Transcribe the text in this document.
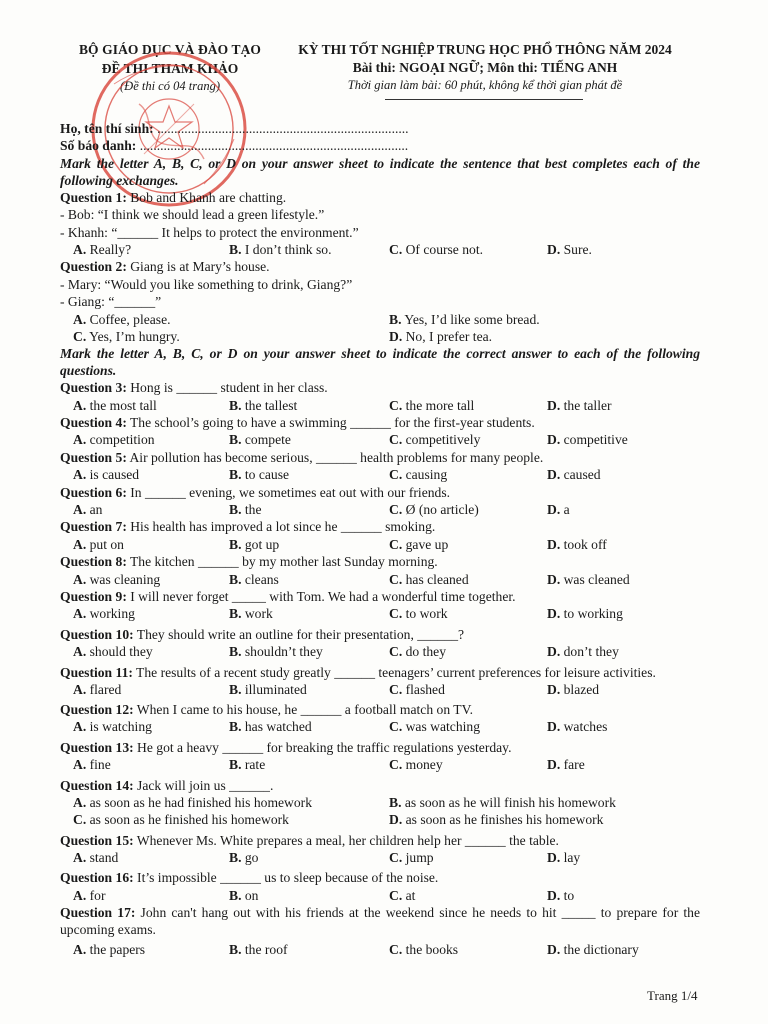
BỘ GIÁO DỤC VÀ ĐÀO TẠO
ĐỀ THI THAM KHẢO
(Đề thi có 04 trang)
KỲ THI TỐT NGHIỆP TRUNG HỌC PHỔ THÔNG NĂM 2024
Bài thi: NGOẠI NGỮ; Môn thi: TIẾNG ANH
Thời gian làm bài: 60 phút, không kể thời gian phát đề
Họ, tên thí sinh: ..........................................................................
Số báo danh: ...............................................................................
Mark the letter A, B, C, or D on your answer sheet to indicate the sentence that best completes each of the following exchanges.
Question 1: Bob and Khanh are chatting.
- Bob: “I think we should lead a green lifestyle.”
- Khanh: “______ It helps to protect the environment.”
A. Really?	B. I don’t think so.	C. Of course not.	D. Sure.
Question 2: Giang is at Mary’s house.
- Mary: “Would you like something to drink, Giang?”
- Giang: “______”
A. Coffee, please.	B. Yes, I’d like some bread.
C. Yes, I’m hungry.	D. No, I prefer tea.
Mark the letter A, B, C, or D on your answer sheet to indicate the correct answer to each of the following questions.
Question 3: Hong is ______ student in her class.
A. the most tall	B. the tallest	C. the more tall	D. the taller
Question 4: The school’s going to have a swimming ______ for the first-year students.
A. competition	B. compete	C. competitively	D. competitive
Question 5: Air pollution has become serious, ______ health problems for many people.
A. is caused	B. to cause	C. causing	D. caused
Question 6: In ______ evening, we sometimes eat out with our friends.
A. an	B. the	C. Ø (no article)	D. a
Question 7: His health has improved a lot since he ______ smoking.
A. put on	B. got up	C. gave up	D. took off
Question 8: The kitchen ______ by my mother last Sunday morning.
A. was cleaning	B. cleans	C. has cleaned	D. was cleaned
Question 9: I will never forget _____ with Tom. We had a wonderful time together.
A. working	B. work	C. to work	D. to working
Question 10: They should write an outline for their presentation, ______?
A. should they	B. shouldn’t they	C. do they	D. don’t they
Question 11: The results of a recent study greatly ______ teenagers’ current preferences for leisure activities.
A. flared	B. illuminated	C. flashed	D. blazed
Question 12: When I came to his house, he ______ a football match on TV.
A. is watching	B. has watched	C. was watching	D. watches
Question 13: He got a heavy ______ for breaking the traffic regulations yesterday.
A. fine	B. rate	C. money	D. fare
Question 14: Jack will join us ______.
A. as soon as he had finished his homework	B. as soon as he will finish his homework
C. as soon as he finished his homework	D. as soon as he finishes his homework
Question 15: Whenever Ms. White prepares a meal, her children help her ______ the table.
A. stand	B. go	C. jump	D. lay
Question 16: It’s impossible ______ us to sleep because of the noise.
A. for	B. on	C. at	D. to
Question 17: John can't hang out with his friends at the weekend since he needs to hit _____ to prepare for the upcoming exams.
A. the papers	B. the roof	C. the books	D. the dictionary
Trang 1/4
